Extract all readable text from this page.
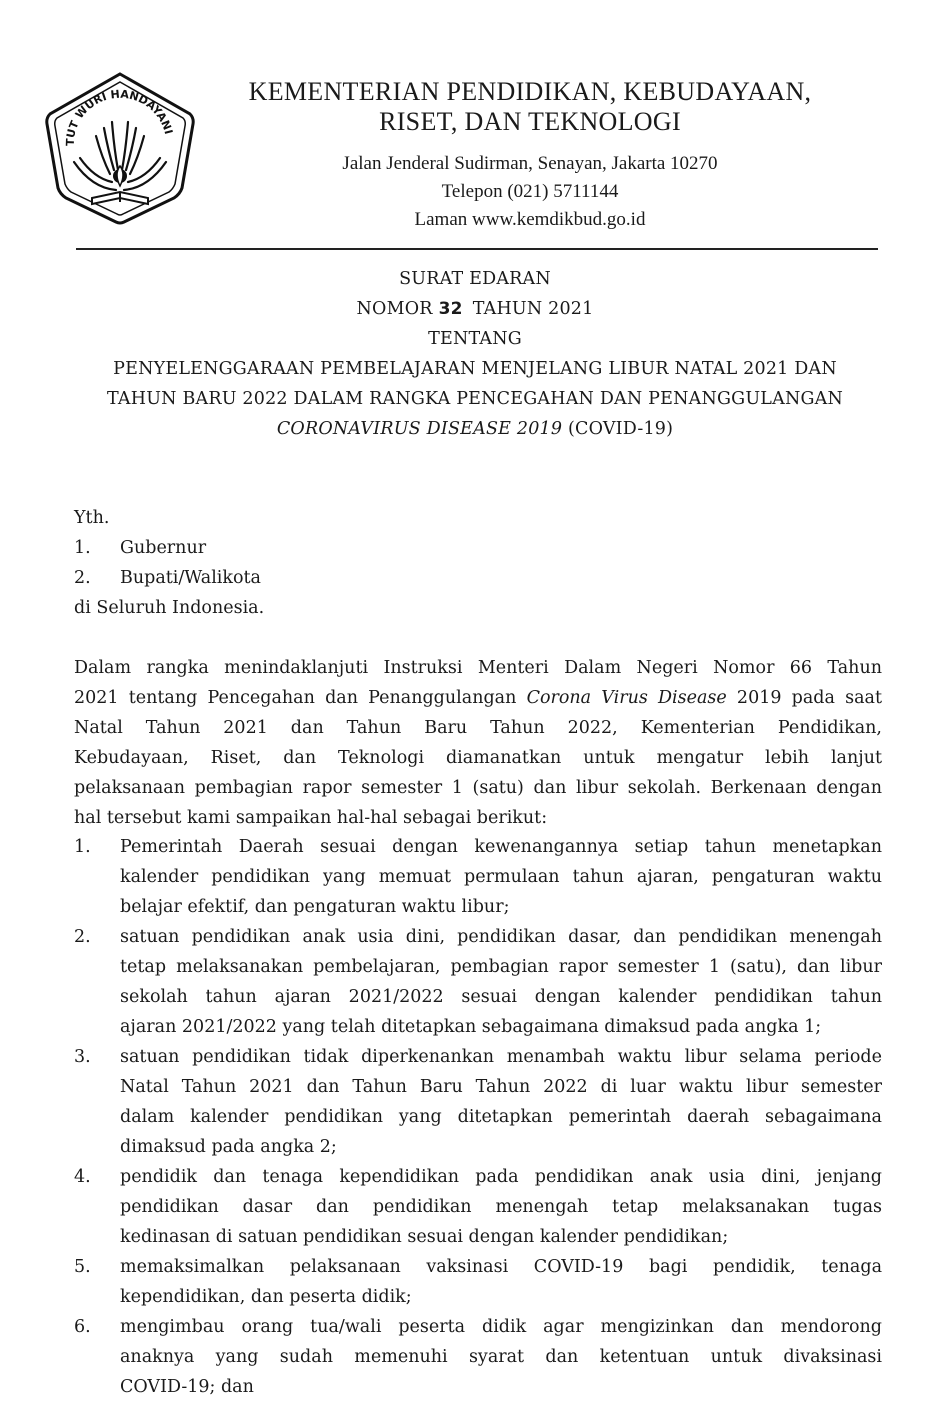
TUT WURI HANDAYANI
KEMENTERIAN PENDIDIKAN, KEBUDAYAAN,
RISET, DAN TEKNOLOGI
Jalan Jenderal Sudirman, Senayan, Jakarta 10270
Telepon (021) 5711144
Laman www.kemdikbud.go.id
SURAT EDARAN
NOMOR 32 TAHUN 2021
TENTANG
PENYELENGGARAAN PEMBELAJARAN MENJELANG LIBUR NATAL 2021 DAN
TAHUN BARU 2022 DALAM RANGKA PENCEGAHAN DAN PENANGGULANGAN
CORONAVIRUS DISEASE 2019 (COVID-19)
Yth.
1.	Gubernur
2.	Bupati/Walikota
di Seluruh Indonesia.
Dalam rangka menindaklanjuti Instruksi Menteri Dalam Negeri Nomor 66 Tahun
2021 tentang Pencegahan dan Penanggulangan Corona Virus Disease 2019 pada saat
Natal Tahun 2021 dan Tahun Baru Tahun 2022, Kementerian Pendidikan,
Kebudayaan, Riset, dan Teknologi diamanatkan untuk mengatur lebih lanjut
pelaksanaan pembagian rapor semester 1 (satu) dan libur sekolah. Berkenaan dengan
hal tersebut kami sampaikan hal-hal sebagai berikut:
1.	Pemerintah Daerah sesuai dengan kewenangannya setiap tahun menetapkan
kalender pendidikan yang memuat permulaan tahun ajaran, pengaturan waktu
belajar efektif, dan pengaturan waktu libur;
2.	satuan pendidikan anak usia dini, pendidikan dasar, dan pendidikan menengah
tetap melaksanakan pembelajaran, pembagian rapor semester 1 (satu), dan libur
sekolah tahun ajaran 2021/2022 sesuai dengan kalender pendidikan tahun
ajaran 2021/2022 yang telah ditetapkan sebagaimana dimaksud pada angka 1;
3.	satuan pendidikan tidak diperkenankan menambah waktu libur selama periode
Natal Tahun 2021 dan Tahun Baru Tahun 2022 di luar waktu libur semester
dalam kalender pendidikan yang ditetapkan pemerintah daerah sebagaimana
dimaksud pada angka 2;
4.	pendidik dan tenaga kependidikan pada pendidikan anak usia dini, jenjang
pendidikan dasar dan pendidikan menengah tetap melaksanakan tugas
kedinasan di satuan pendidikan sesuai dengan kalender pendidikan;
5.	memaksimalkan pelaksanaan vaksinasi COVID-19 bagi pendidik, tenaga
kependidikan, dan peserta didik;
6.	mengimbau orang tua/wali peserta didik agar mengizinkan dan mendorong
anaknya yang sudah memenuhi syarat dan ketentuan untuk divaksinasi
COVID-19; dan
